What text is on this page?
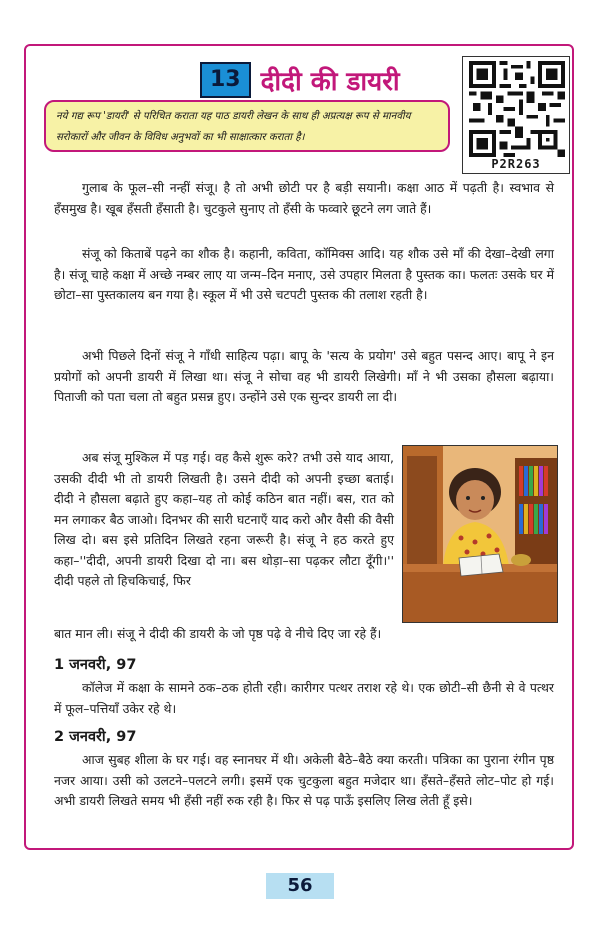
13 दीदी की डायरी
नये गद्य रूप 'डायरी' से परिचित कराता यह पाठ डायरी लेखन के साथ ही अप्रत्यक्ष रूप से मानवीय सरोकारों और जीवन के विविध अनुभवों का भी साक्षात्कार कराता है।
P2R263

गुलाब के फूल–सी नन्हीं संजू। है तो अभी छोटी पर है बड़ी सयानी। कक्षा आठ में पढ़ती है। स्वभाव से हँसमुख है। खूब हँसती हँसाती है। चुटकुले सुनाए तो हँसी के फव्वारे छूटने लग जाते हैं।

संजू को किताबें पढ़ने का शौक है। कहानी, कविता, कॉमिक्स आदि। यह शौक उसे माँ की देखा–देखी लगा है। संजू चाहे कक्षा में अच्छे नम्बर लाए या जन्म–दिन मनाए, उसे उपहार मिलता है पुस्तक का। फलतः उसके घर में छोटा–सा पुस्तकालय बन गया है। स्कूल में भी उसे चटपटी पुस्तक की तलाश रहती है।

अभी पिछले दिनों संजू ने गाँधी साहित्य पढ़ा। बापू के 'सत्य के प्रयोग' उसे बहुत पसन्द आए। बापू ने इन प्रयोगों को अपनी डायरी में लिखा था। संजू ने सोचा वह भी डायरी लिखेगी। माँ ने भी उसका हौसला बढ़ाया। पिताजी को पता चला तो बहुत प्रसन्न हुए। उन्होंने उसे एक सुन्दर डायरी ला दी।

अब संजू मुश्किल में पड़ गई। वह कैसे शुरू करे? तभी उसे याद आया, उसकी दीदी भी तो डायरी लिखती है। उसने दीदी को अपनी इच्छा बताई। दीदी ने हौसला बढ़ाते हुए कहा–यह तो कोई कठिन बात नहीं। बस, रात को मन लगाकर बैठ जाओ। दिनभर की सारी घटनाएँ याद करो और वैसी की वैसी लिख दो। बस इसे प्रतिदिन लिखते रहना जरूरी है। संजू ने हठ करते हुए कहा–''दीदी, अपनी डायरी दिखा दो ना। बस थोड़ा–सा पढ़कर लौटा दूँगी।'' दीदी पहले तो हिचकिचाई, फिर

बात मान ली। संजू ने दीदी की डायरी के जो पृष्ठ पढ़े वे नीचे दिए जा रहे हैं।

1 जनवरी, 97

कॉलेज में कक्षा के सामने ठक–ठक होती रही। कारीगर पत्थर तराश रहे थे। एक छोटी–सी छैनी से वे पत्थर में फूल–पत्तियाँ उकेर रहे थे।

2 जनवरी, 97

आज सुबह शीला के घर गई। वह स्नानघर में थी। अकेली बैठे–बैठे क्या करती। पत्रिका का पुराना रंगीन पृष्ठ नजर आया। उसी को उलटने–पलटने लगी। इसमें एक चुटकुला बहुत मजेदार था। हँसते–हँसते लोट–पोट हो गई। अभी डायरी लिखते समय भी हँसी नहीं रुक रही है। फिर से पढ़ पाऊँ इसलिए लिख लेती हूँ इसे।

56
